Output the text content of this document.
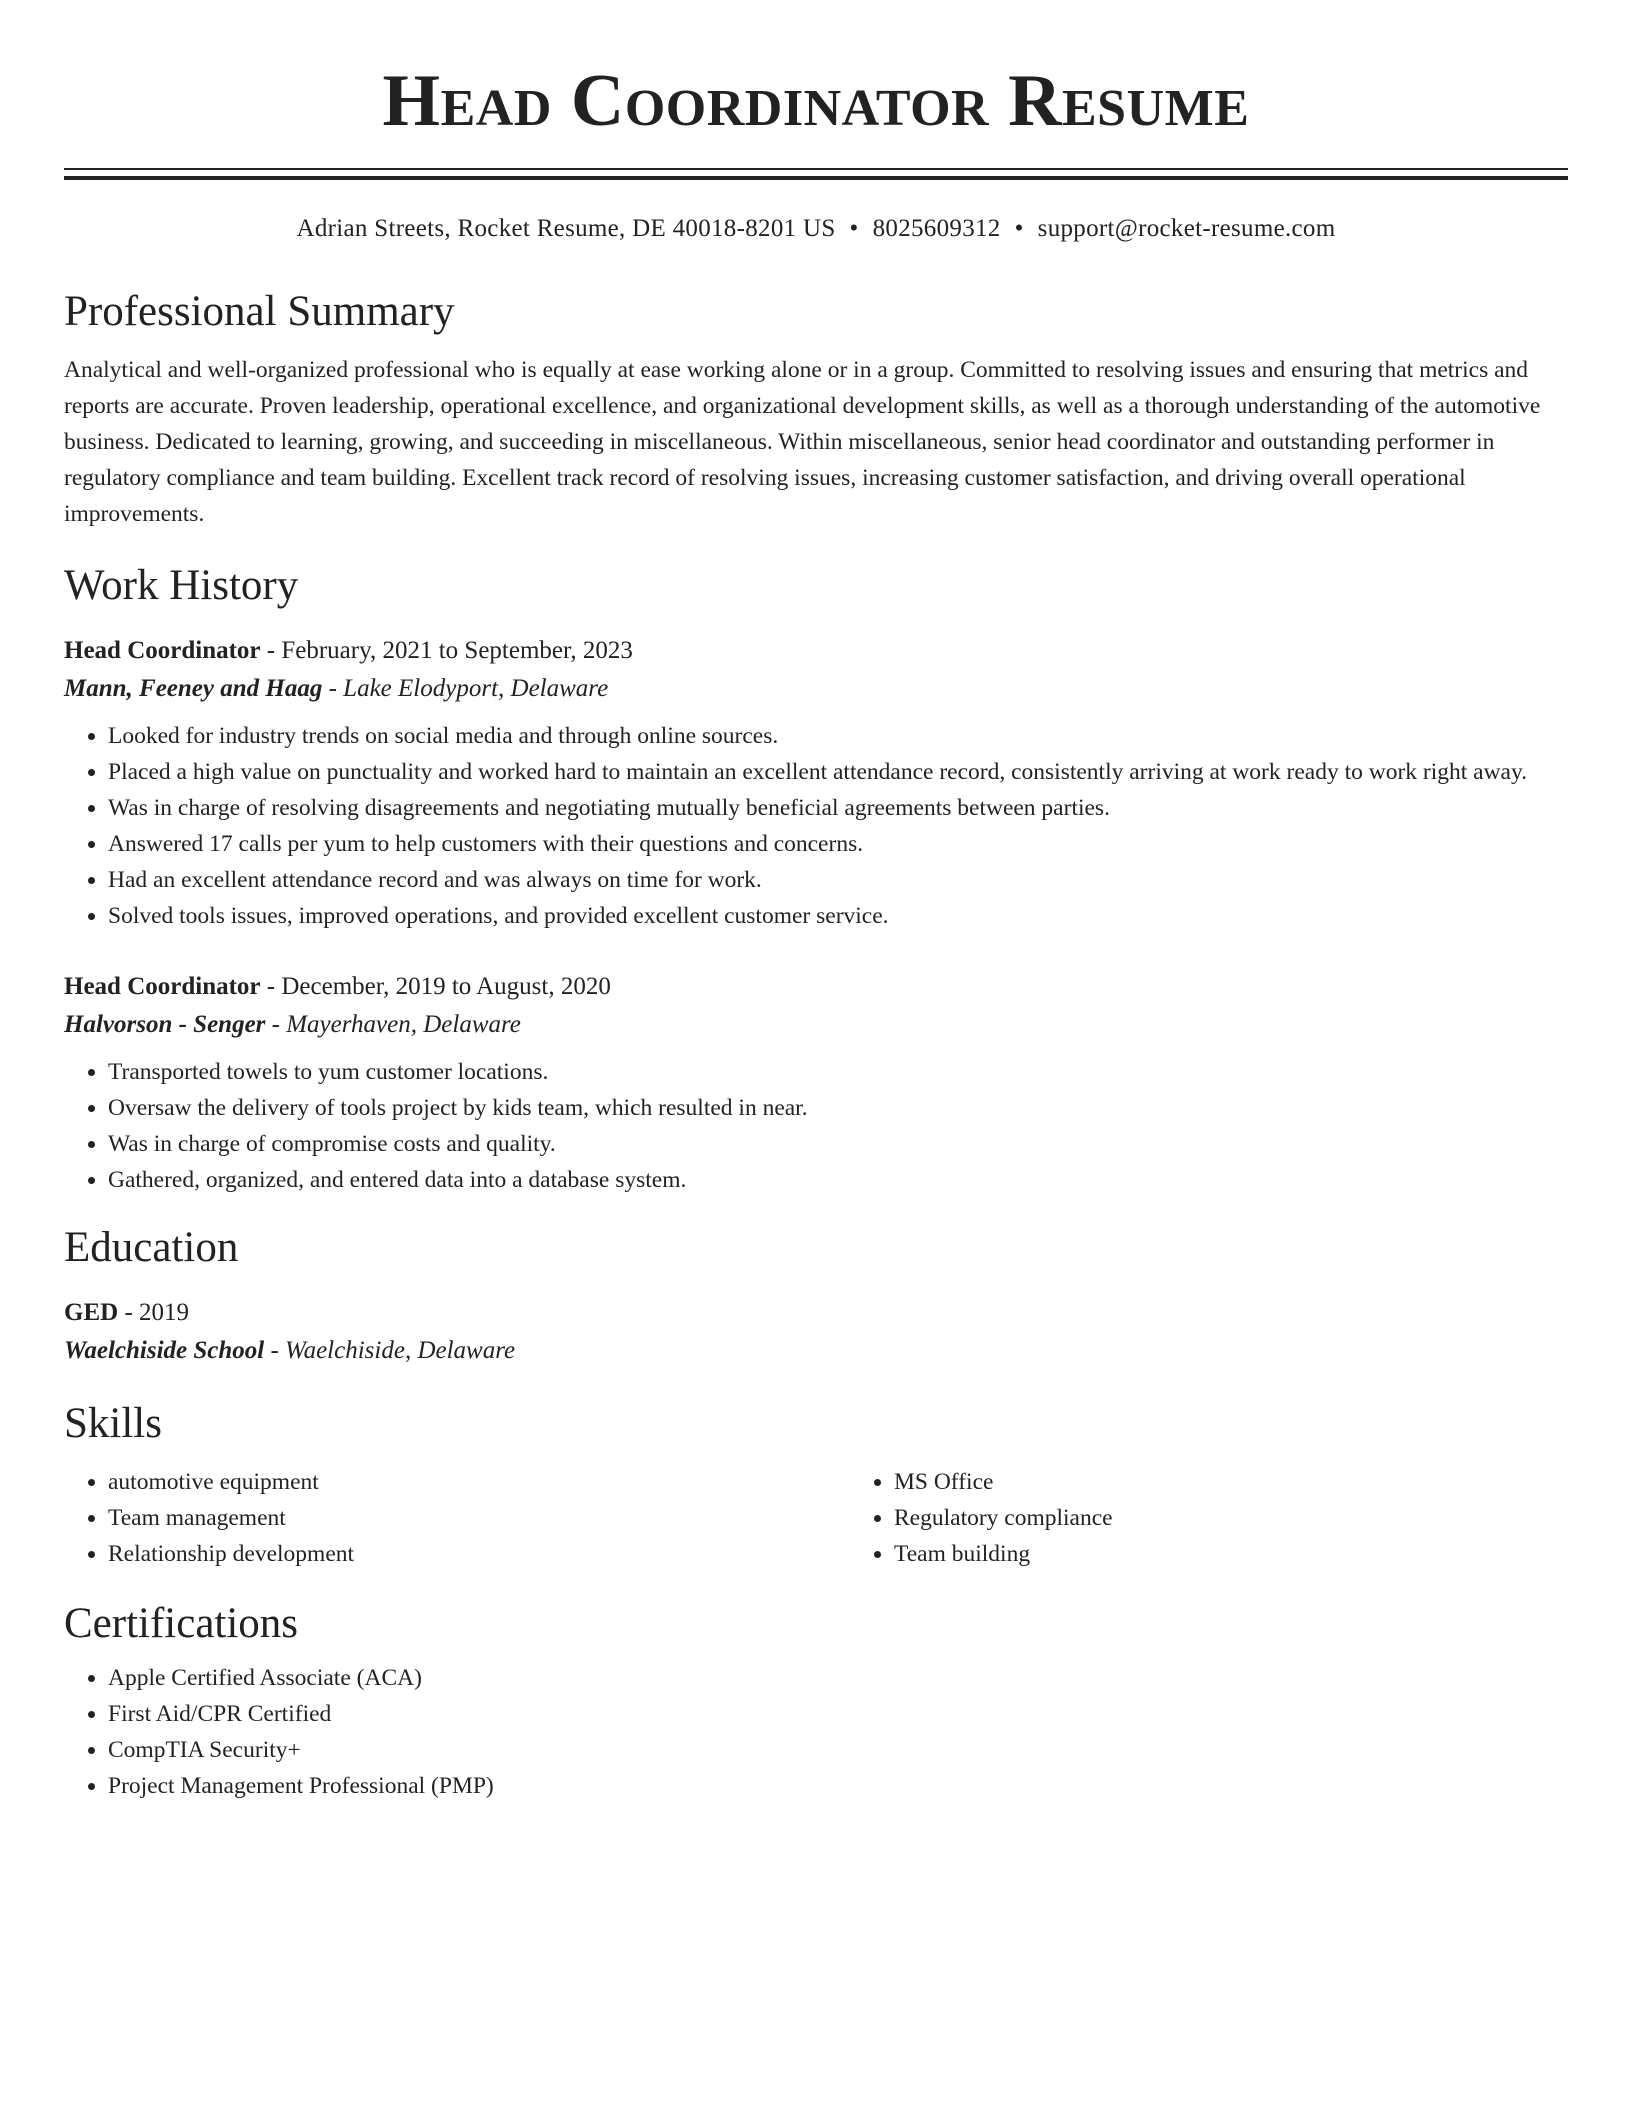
Head Coordinator Resume
Adrian Streets, Rocket Resume, DE 40018-8201 US • 8025609312 • support@rocket-resume.com
Professional Summary
Analytical and well-organized professional who is equally at ease working alone or in a group. Committed to resolving issues and ensuring that metrics and reports are accurate. Proven leadership, operational excellence, and organizational development skills, as well as a thorough understanding of the automotive business. Dedicated to learning, growing, and succeeding in miscellaneous. Within miscellaneous, senior head coordinator and outstanding performer in regulatory compliance and team building. Excellent track record of resolving issues, increasing customer satisfaction, and driving overall operational improvements.
Work History
Head Coordinator - February, 2021 to September, 2023
Mann, Feeney and Haag - Lake Elodyport, Delaware
• Looked for industry trends on social media and through online sources.
• Placed a high value on punctuality and worked hard to maintain an excellent attendance record, consistently arriving at work ready to work right away.
• Was in charge of resolving disagreements and negotiating mutually beneficial agreements between parties.
• Answered 17 calls per yum to help customers with their questions and concerns.
• Had an excellent attendance record and was always on time for work.
• Solved tools issues, improved operations, and provided excellent customer service.
Head Coordinator - December, 2019 to August, 2020
Halvorson - Senger - Mayerhaven, Delaware
• Transported towels to yum customer locations.
• Oversaw the delivery of tools project by kids team, which resulted in near.
• Was in charge of compromise costs and quality.
• Gathered, organized, and entered data into a database system.
Education
GED - 2019
Waelchiside School - Waelchiside, Delaware
Skills
• automotive equipment
• Team management
• Relationship development
• MS Office
• Regulatory compliance
• Team building
Certifications
• Apple Certified Associate (ACA)
• First Aid/CPR Certified
• CompTIA Security+
• Project Management Professional (PMP)
